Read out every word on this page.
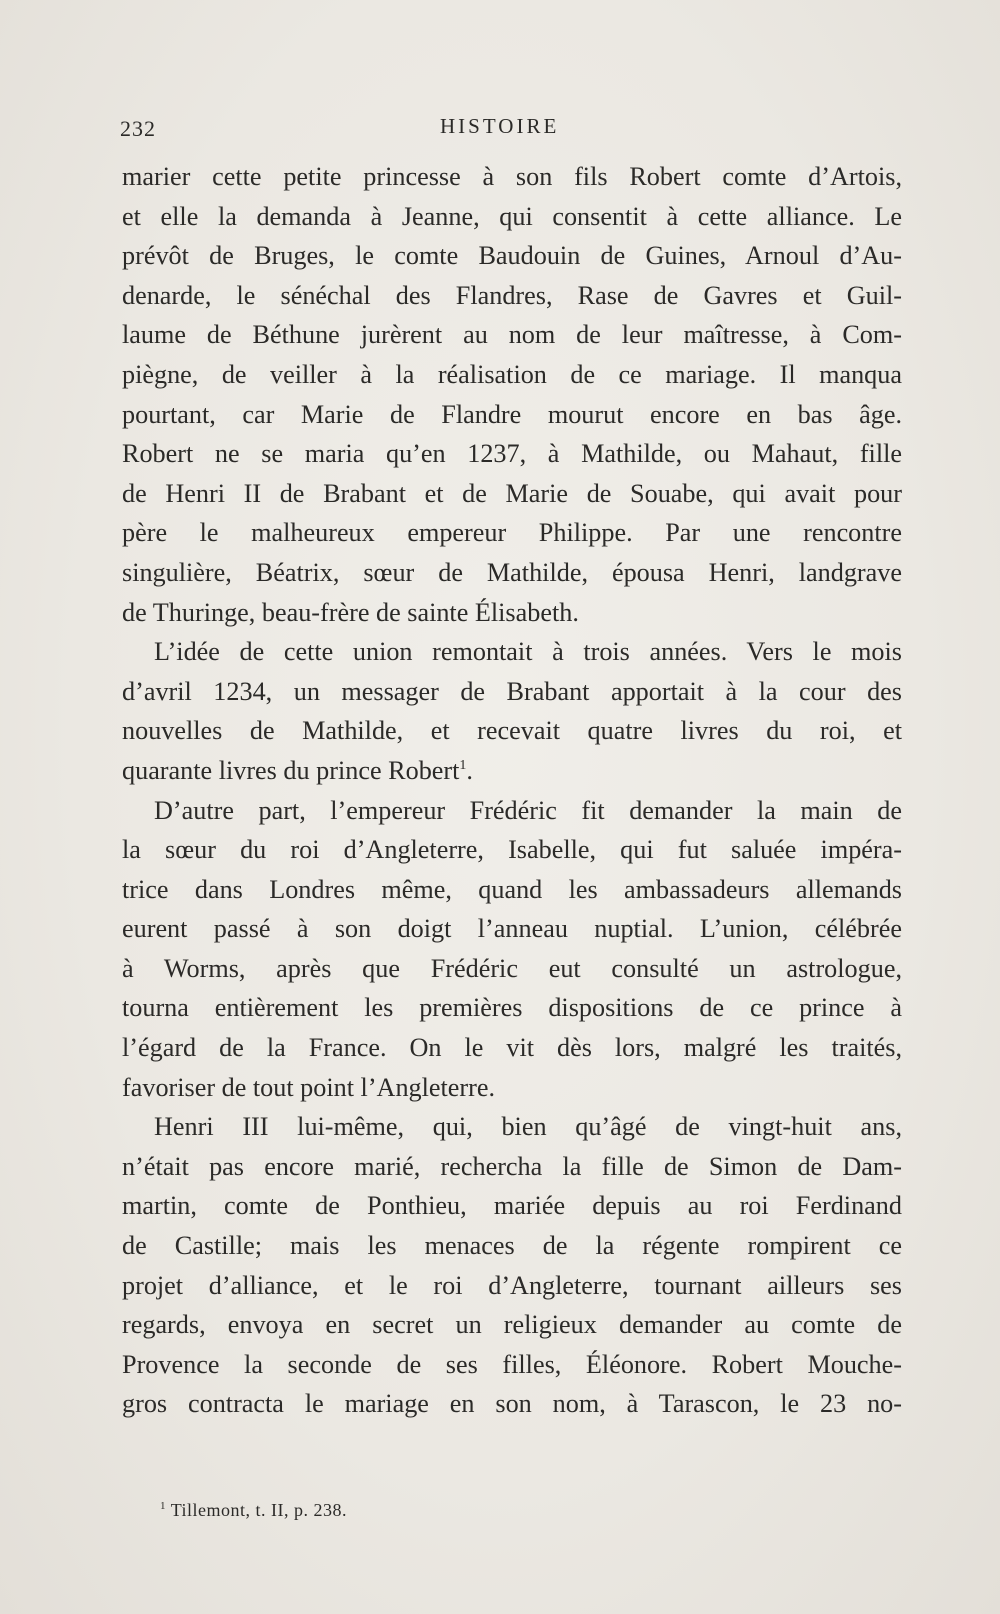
232	HISTOIRE
marier cette petite princesse à son fils Robert comte d’Artois,
et elle la demanda à Jeanne, qui consentit à cette alliance. Le
prévôt de Bruges, le comte Baudouin de Guines, Arnoul d’Au-
denarde, le sénéchal des Flandres, Rase de Gavres et Guil-
laume de Béthune jurèrent au nom de leur maîtresse, à Com-
piègne, de veiller à la réalisation de ce mariage. Il manqua
pourtant, car Marie de Flandre mourut encore en bas âge.
Robert ne se maria qu’en 1237, à Mathilde, ou Mahaut, fille
de Henri II de Brabant et de Marie de Souabe, qui avait pour
père le malheureux empereur Philippe. Par une rencontre
singulière, Béatrix, sœur de Mathilde, épousa Henri, landgrave
de Thuringe, beau-frère de sainte Élisabeth.
L’idée de cette union remontait à trois années. Vers le mois
d’avril 1234, un messager de Brabant apportait à la cour des
nouvelles de Mathilde, et recevait quatre livres du roi, et
quarante livres du prince Robert$^1$.
D’autre part, l’empereur Frédéric fit demander la main de
la sœur du roi d’Angleterre, Isabelle, qui fut saluée impéra-
trice dans Londres même, quand les ambassadeurs allemands
eurent passé à son doigt l’anneau nuptial. L’union, célébrée
à Worms, après que Frédéric eut consulté un astrologue,
tourna entièrement les premières dispositions de ce prince à
l’égard de la France. On le vit dès lors, malgré les traités,
favoriser de tout point l’Angleterre.
Henri III lui-même, qui, bien qu’âgé de vingt-huit ans,
n’était pas encore marié, rechercha la fille de Simon de Dam-
martin, comte de Ponthieu, mariée depuis au roi Ferdinand
de Castille; mais les menaces de la régente rompirent ce
projet d’alliance, et le roi d’Angleterre, tournant ailleurs ses
regards, envoya en secret un religieux demander au comte de
Provence la seconde de ses filles, Éléonore. Robert Mouche-
gros contracta le mariage en son nom, à Tarascon, le 23 no-
$^1$ Tillemont, t. II, p. 238.
